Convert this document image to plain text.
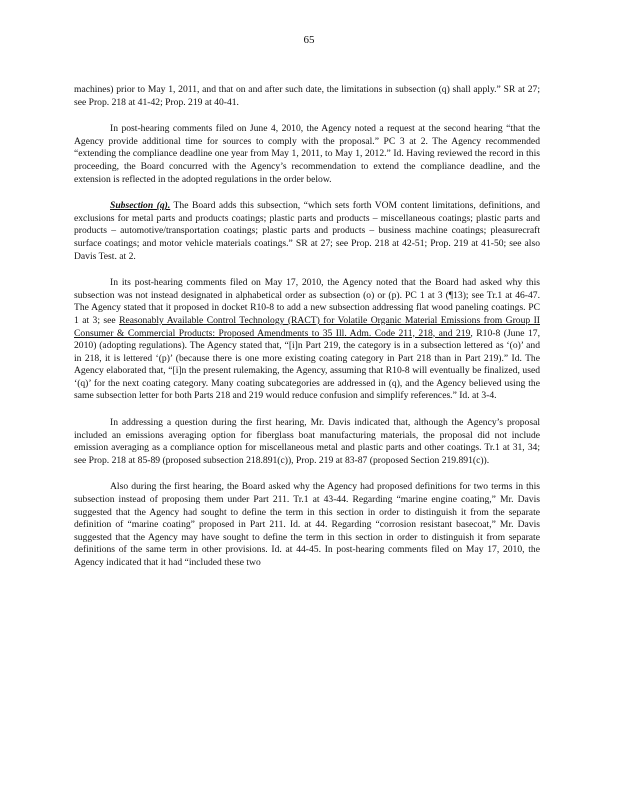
65

machines) prior to May 1, 2011, and that on and after such date, the limitations in subsection (q) shall apply.” SR at 27; see Prop. 218 at 41-42; Prop. 219 at 40-41.

In post-hearing comments filed on June 4, 2010, the Agency noted a request at the second hearing “that the Agency provide additional time for sources to comply with the proposal.” PC 3 at 2. The Agency recommended “extending the compliance deadline one year from May 1, 2011, to May 1, 2012.” Id. Having reviewed the record in this proceeding, the Board concurred with the Agency’s recommendation to extend the compliance deadline, and the extension is reflected in the adopted regulations in the order below.

Subsection (q). The Board adds this subsection, “which sets forth VOM content limitations, definitions, and exclusions for metal parts and products coatings; plastic parts and products – miscellaneous coatings; plastic parts and products – automotive/transportation coatings; plastic parts and products – business machine coatings; pleasurecraft surface coatings; and motor vehicle materials coatings.” SR at 27; see Prop. 218 at 42-51; Prop. 219 at 41-50; see also Davis Test. at 2.

In its post-hearing comments filed on May 17, 2010, the Agency noted that the Board had asked why this subsection was not instead designated in alphabetical order as subsection (o) or (p). PC 1 at 3 (¶13); see Tr.1 at 46-47. The Agency stated that it proposed in docket R10-8 to add a new subsection addressing flat wood paneling coatings. PC 1 at 3; see Reasonably Available Control Technology (RACT) for Volatile Organic Material Emissions from Group II Consumer & Commercial Products: Proposed Amendments to 35 Ill. Adm. Code 211, 218, and 219, R10-8 (June 17, 2010) (adopting regulations). The Agency stated that, “[i]n Part 219, the category is in a subsection lettered as ‘(o)’ and in 218, it is lettered ‘(p)’ (because there is one more existing coating category in Part 218 than in Part 219).” Id. The Agency elaborated that, “[i]n the present rulemaking, the Agency, assuming that R10-8 will eventually be finalized, used ‘(q)’ for the next coating category. Many coating subcategories are addressed in (q), and the Agency believed using the same subsection letter for both Parts 218 and 219 would reduce confusion and simplify references.” Id. at 3-4.

In addressing a question during the first hearing, Mr. Davis indicated that, although the Agency’s proposal included an emissions averaging option for fiberglass boat manufacturing materials, the proposal did not include emission averaging as a compliance option for miscellaneous metal and plastic parts and other coatings. Tr.1 at 31, 34; see Prop. 218 at 85-89 (proposed subsection 218.891(c)), Prop. 219 at 83-87 (proposed Section 219.891(c)).

Also during the first hearing, the Board asked why the Agency had proposed definitions for two terms in this subsection instead of proposing them under Part 211. Tr.1 at 43-44. Regarding “marine engine coating,” Mr. Davis suggested that the Agency had sought to define the term in this section in order to distinguish it from the separate definition of “marine coating” proposed in Part 211. Id. at 44. Regarding “corrosion resistant basecoat,” Mr. Davis suggested that the Agency may have sought to define the term in this section in order to distinguish it from separate definitions of the same term in other provisions. Id. at 44-45. In post-hearing comments filed on May 17, 2010, the Agency indicated that it had “included these two
